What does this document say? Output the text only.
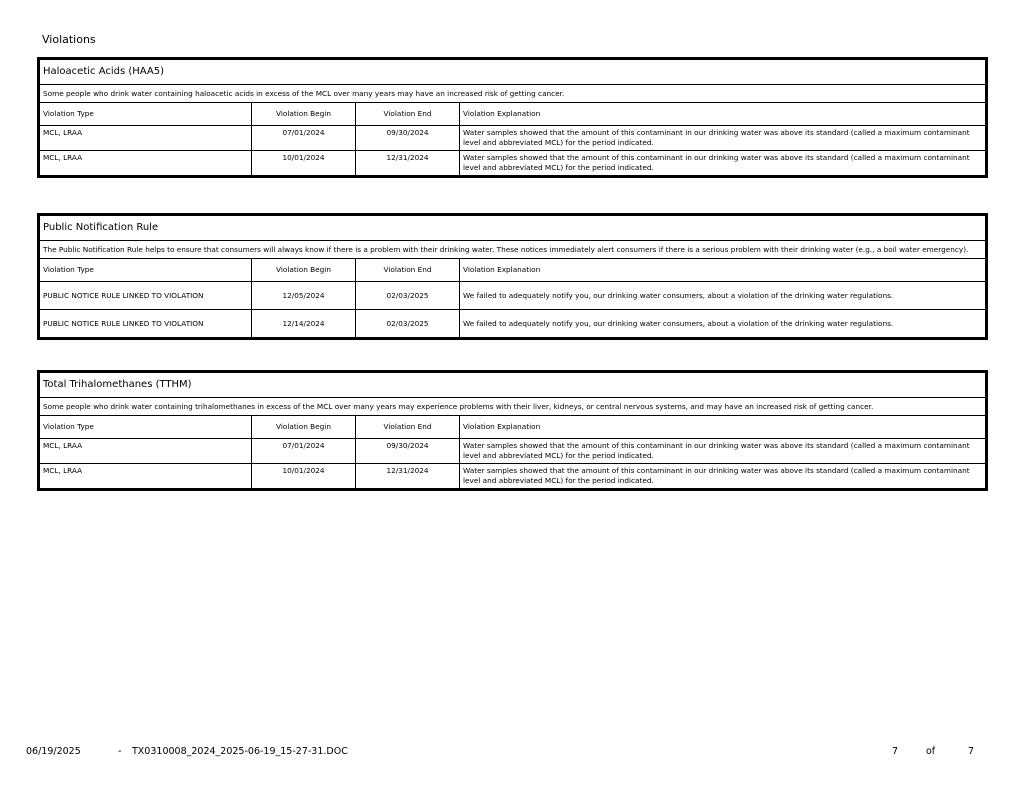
Violations
Haloacetic Acids (HAA5)			
Some people who drink water containing haloacetic acids in excess of the MCL over many years may have an increased risk of getting cancer.			
Violation Type	Violation Begin	Violation End	Violation Explanation
MCL, LRAA	07/01/2024	09/30/2024	Water samples showed that the amount of this contaminant in our drinking water was above its standard (called a maximum contaminant level and abbreviated MCL) for the period indicated.
MCL, LRAA	10/01/2024	12/31/2024	Water samples showed that the amount of this contaminant in our drinking water was above its standard (called a maximum contaminant level and abbreviated MCL) for the period indicated.
Public Notification Rule			
The Public Notification Rule helps to ensure that consumers will always know if there is a problem with their drinking water. These notices immediately alert consumers if there is a serious problem with their drinking water (e.g., a boil water emergency).			
Violation Type	Violation Begin	Violation End	Violation Explanation
PUBLIC NOTICE RULE LINKED TO VIOLATION	12/05/2024	02/03/2025	We failed to adequately notify you, our drinking water consumers, about a violation of the drinking water regulations.
PUBLIC NOTICE RULE LINKED TO VIOLATION	12/14/2024	02/03/2025	We failed to adequately notify you, our drinking water consumers, about a violation of the drinking water regulations.
Total Trihalomethanes (TTHM)			
Some people who drink water containing trihalomethanes in excess of the MCL over many years may experience problems with their liver, kidneys, or central nervous systems, and may have an increased risk of getting cancer.			
Violation Type	Violation Begin	Violation End	Violation Explanation
MCL, LRAA	07/01/2024	09/30/2024	Water samples showed that the amount of this contaminant in our drinking water was above its standard (called a maximum contaminant level and abbreviated MCL) for the period indicated.
MCL, LRAA	10/01/2024	12/31/2024	Water samples showed that the amount of this contaminant in our drinking water was above its standard (called a maximum contaminant level and abbreviated MCL) for the period indicated.
06/19/2025	- TX0310008_2024_2025-06-19_15-27-31.DOC	7	of	7
